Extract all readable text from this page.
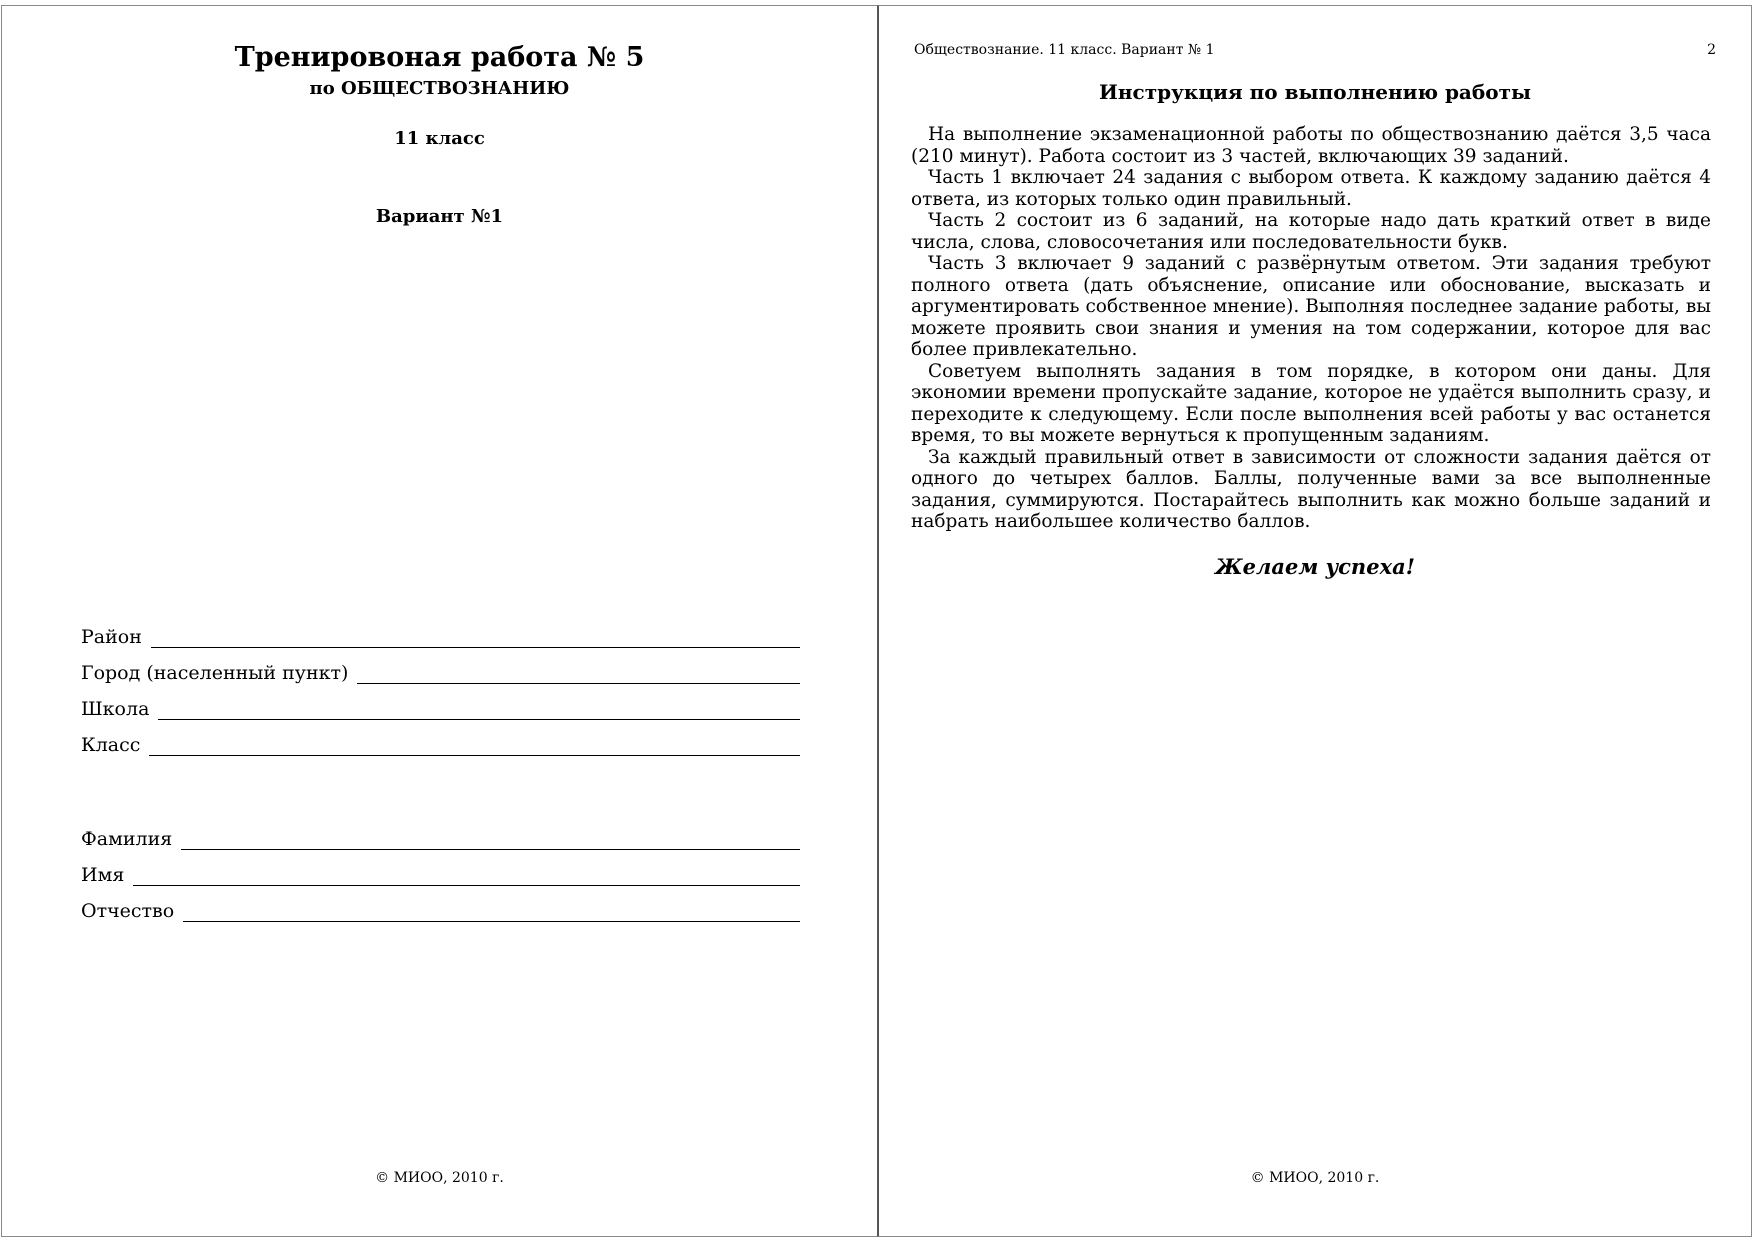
Тренировоная работа № 5
по ОБЩЕСТВОЗНАНИЮ
11 класс
Вариант №1
Район
Город (населенный пункт)
Школа
Класс
Фамилия
Имя
Отчество
© МИОО, 2010 г.
Обществознание. 11 класс. Вариант № 1	2
Инструкция по выполнению работы

На выполнение экзаменационной работы по обществознанию даётся 3,5 часа (210 минут). Работа состоит из 3 частей, включающих 39 заданий.

Часть 1 включает 24 задания с выбором ответа. К каждому заданию даётся 4 ответа, из которых только один правильный.

Часть 2 состоит из 6 заданий, на которые надо дать краткий ответ в виде числа, слова, словосочетания или последовательности букв.

Часть 3 включает 9 заданий с развёрнутым ответом. Эти задания требуют полного ответа (дать объяснение, описание или обоснование, высказать и аргументировать собственное мнение). Выполняя последнее задание работы, вы можете проявить свои знания и умения на том содержании, которое для вас более привлекательно.

Советуем выполнять задания в том порядке, в котором они даны. Для экономии времени пропускайте задание, которое не удаётся выполнить сразу, и переходите к следующему. Если после выполнения всей работы у вас останется время, то вы можете вернуться к пропущенным заданиям.

За каждый правильный ответ в зависимости от сложности задания даётся от одного до четырех баллов. Баллы, полученные вами за все выполненные задания, суммируются. Постарайтесь выполнить как можно больше заданий и набрать наибольшее количество баллов.

Желаем успеха!
© МИОО, 2010 г.
